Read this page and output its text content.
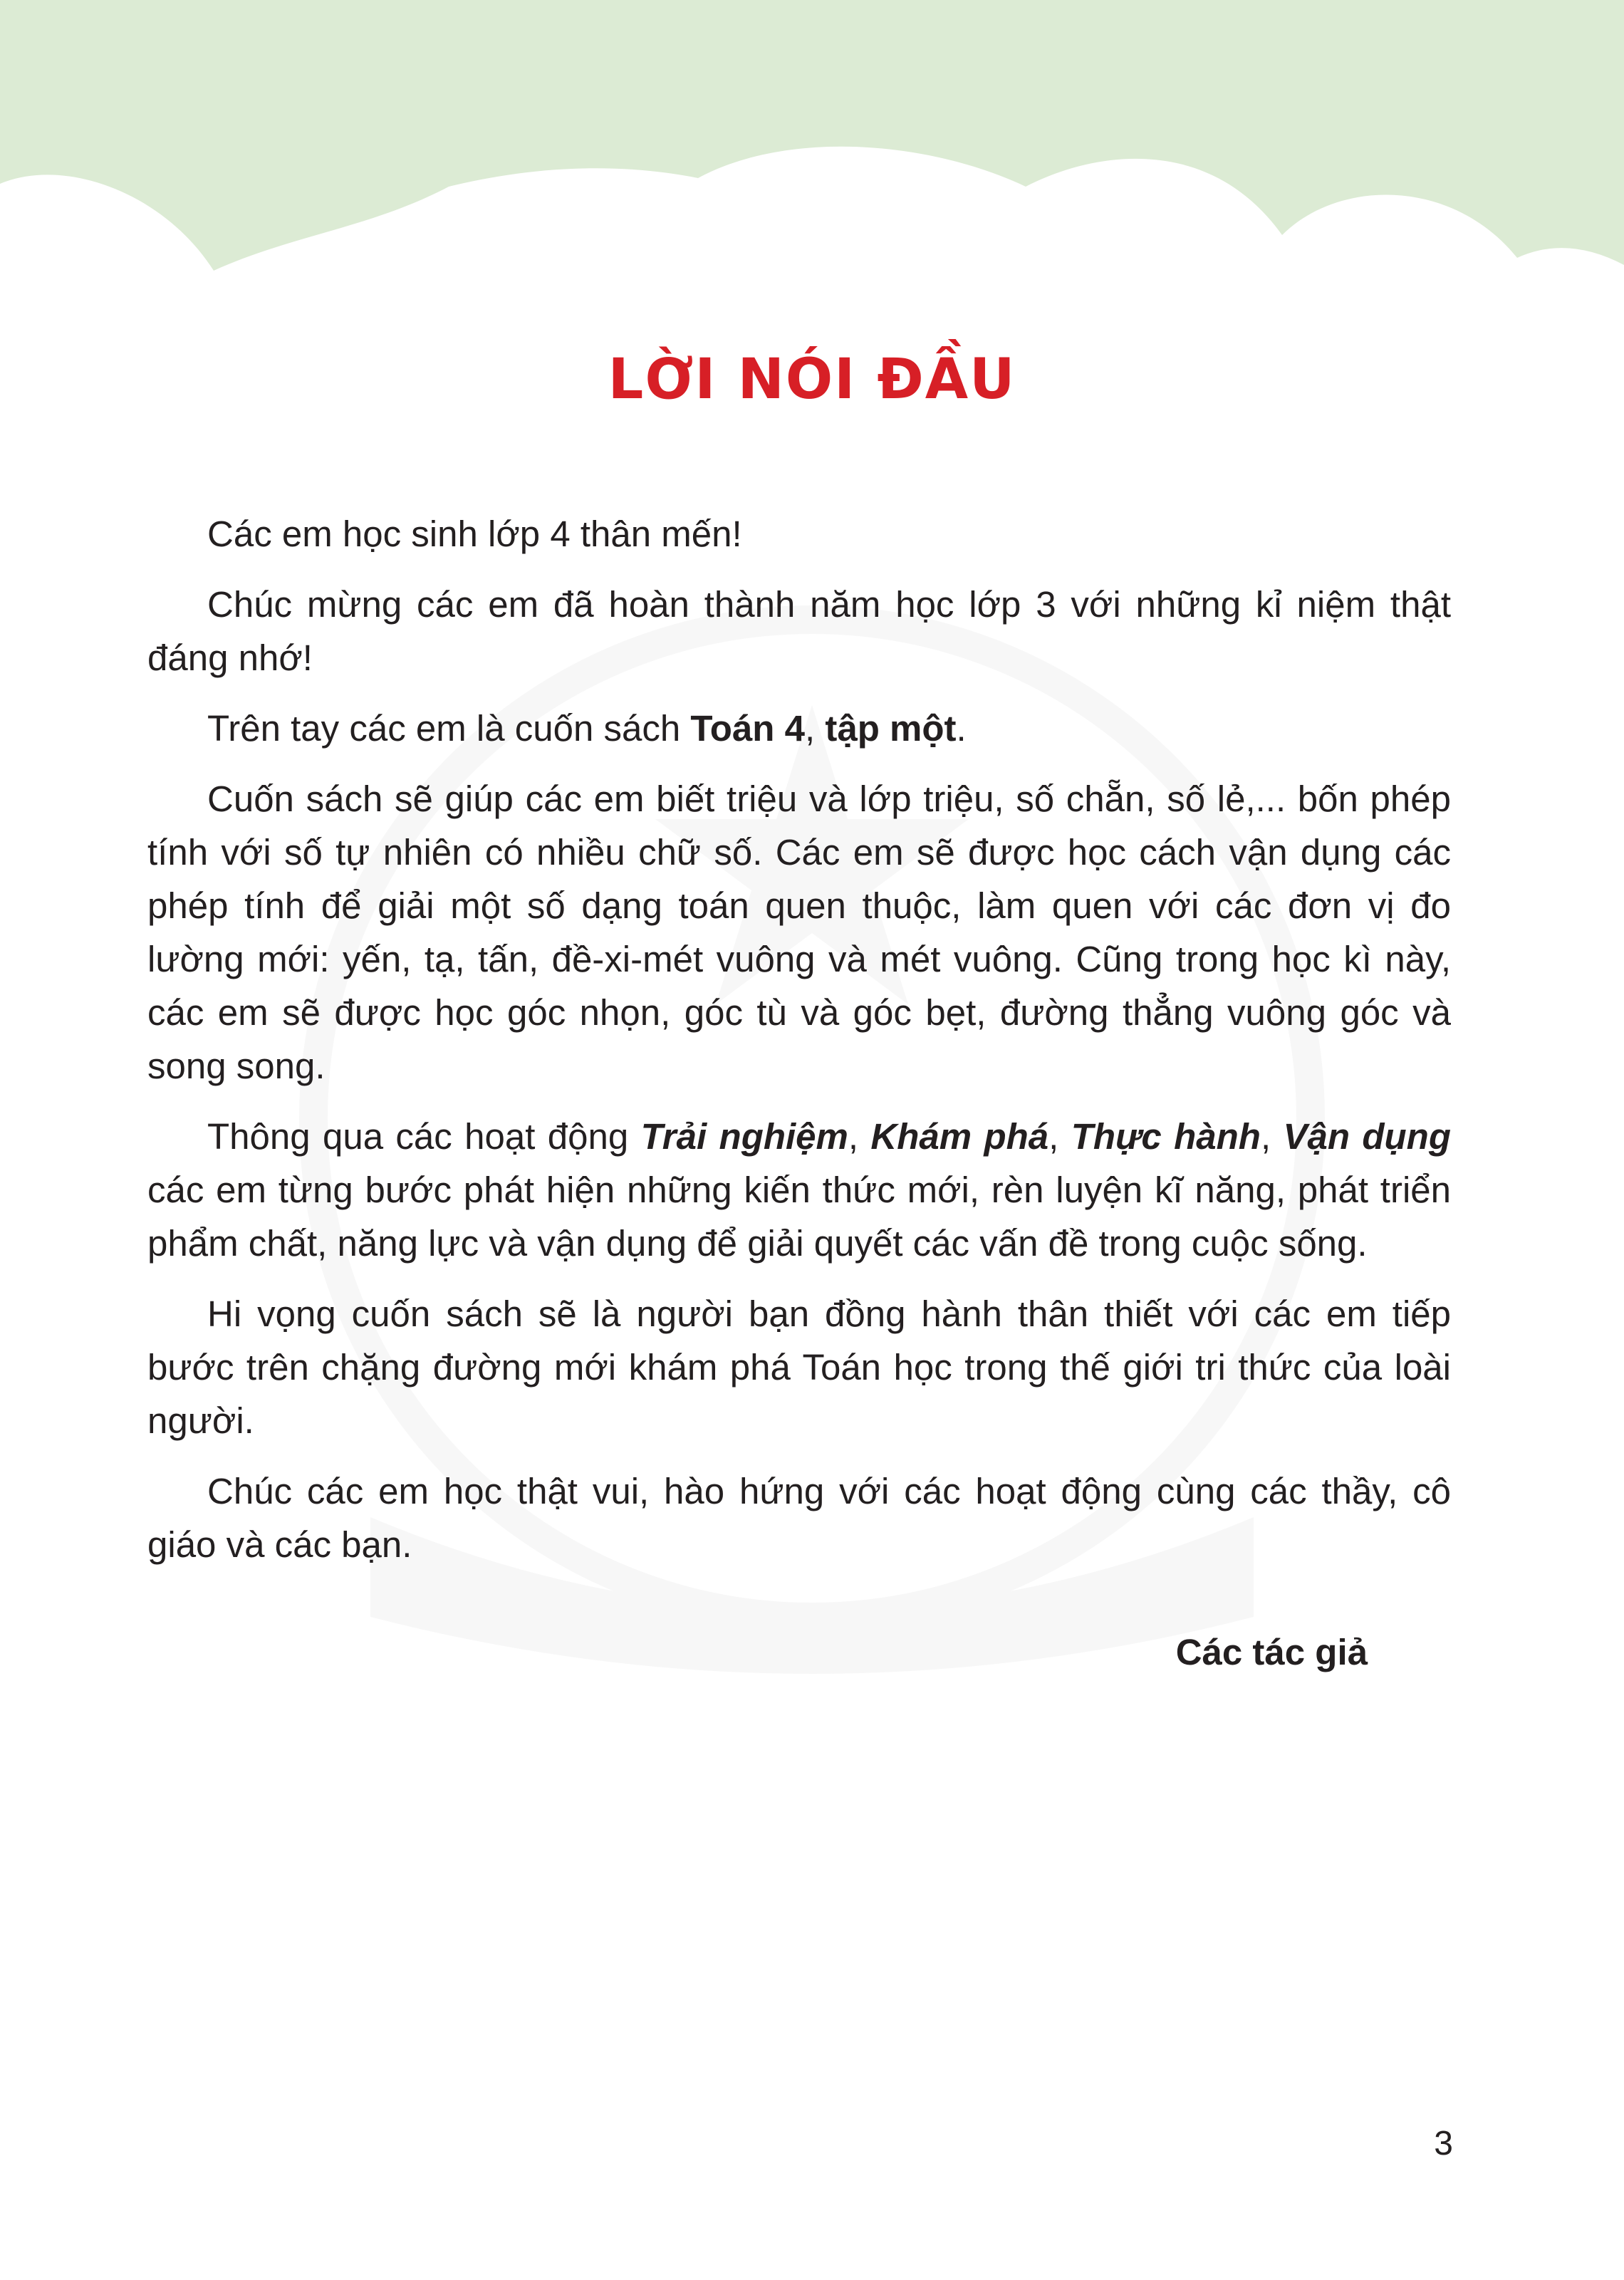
LỜI NÓI ĐẦU

Các em học sinh lớp 4 thân mến!

Chúc mừng các em đã hoàn thành năm học lớp 3 với những kỉ niệm thật đáng nhớ!

Trên tay các em là cuốn sách Toán 4, tập một.

Cuốn sách sẽ giúp các em biết triệu và lớp triệu, số chẵn, số lẻ,... bốn phép tính với số tự nhiên có nhiều chữ số. Các em sẽ được học cách vận dụng các phép tính để giải một số dạng toán quen thuộc, làm quen với các đơn vị đo lường mới: yến, tạ, tấn, đề-xi-mét vuông và mét vuông. Cũng trong học kì này, các em sẽ được học góc nhọn, góc tù và góc bẹt, đường thẳng vuông góc và song song.

Thông qua các hoạt động Trải nghiệm, Khám phá, Thực hành, Vận dụng các em từng bước phát hiện những kiến thức mới, rèn luyện kĩ năng, phát triển phẩm chất, năng lực và vận dụng để giải quyết các vấn đề trong cuộc sống.

Hi vọng cuốn sách sẽ là người bạn đồng hành thân thiết với các em tiếp bước trên chặng đường mới khám phá Toán học trong thế giới tri thức của loài người.

Chúc các em học thật vui, hào hứng với các hoạt động cùng các thầy, cô giáo và các bạn.

Các tác giả
3
